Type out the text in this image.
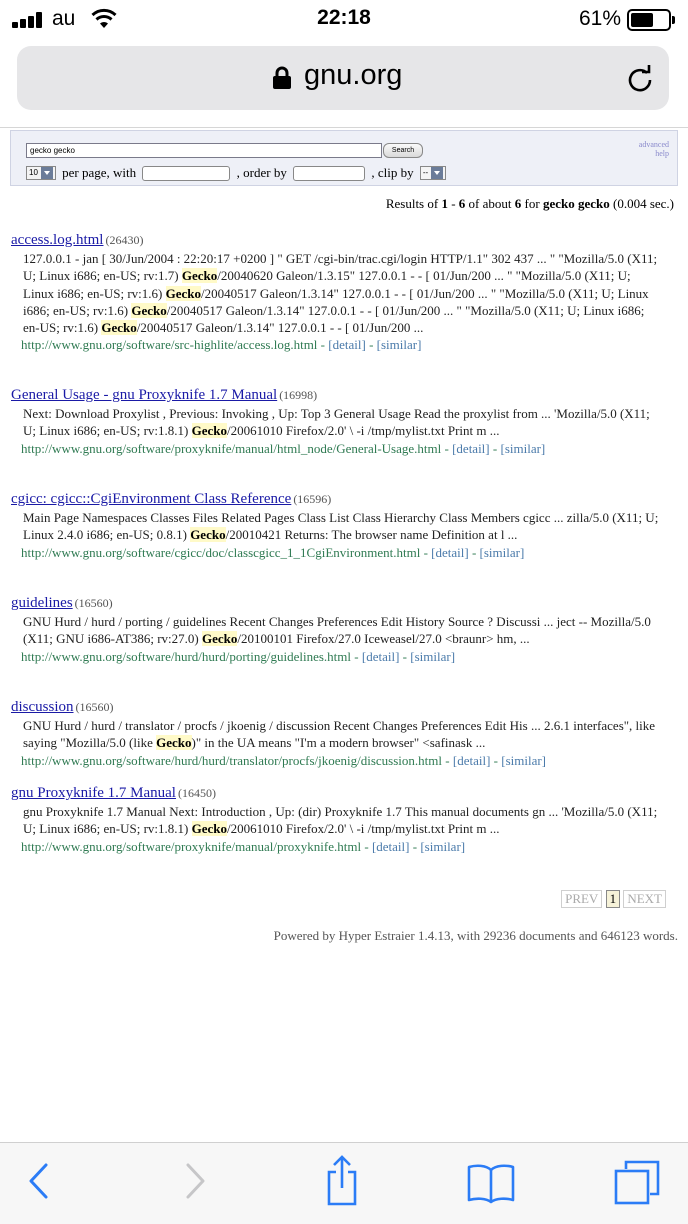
au	22:18	61%
gnu.org
gecko gecko	Search
advanced
help
10 per page, with	, order by	, clip by --
Results of 1 - 6 of about 6 for gecko gecko (0.004 sec.)
access.log.html (26430)
127.0.0.1 - jan [ 30/Jun/2004 : 22:20:17 +0200 ] " GET /cgi-bin/trac.cgi/login HTTP/1.1" 302 437 ... " "Mozilla/5.0 (X11; U; Linux i686; en-US; rv:1.7) Gecko/20040620 Galeon/1.3.15" 127.0.0.1 - - [ 01/Jun/200 ... " "Mozilla/5.0 (X11; U; Linux i686; en-US; rv:1.6) Gecko/20040517 Galeon/1.3.14" 127.0.0.1 - - [ 01/Jun/200 ... " "Mozilla/5.0 (X11; U; Linux i686; en-US; rv:1.6) Gecko/20040517 Galeon/1.3.14" 127.0.0.1 - - [ 01/Jun/200 ... " "Mozilla/5.0 (X11; U; Linux i686; en-US; rv:1.6) Gecko/20040517 Galeon/1.3.14" 127.0.0.1 - - [ 01/Jun/200 ...
http://www.gnu.org/software/src-highlite/access.log.html - [detail] - [similar]
General Usage - gnu Proxyknife 1.7 Manual (16998)
Next: Download Proxylist , Previous: Invoking , Up: Top 3 General Usage Read the proxylist from ... 'Mozilla/5.0 (X11; U; Linux i686; en-US; rv:1.8.1) Gecko/20061010 Firefox/2.0' \ -i /tmp/mylist.txt Print m ...
http://www.gnu.org/software/proxyknife/manual/html_node/General-Usage.html - [detail] - [similar]
cgicc: cgicc::CgiEnvironment Class Reference (16596)
Main Page Namespaces Classes Files Related Pages Class List Class Hierarchy Class Members cgicc ... zilla/5.0 (X11; U; Linux 2.4.0 i686; en-US; 0.8.1) Gecko/20010421 Returns: The browser name Definition at l ...
http://www.gnu.org/software/cgicc/doc/classcgicc_1_1CgiEnvironment.html - [detail] - [similar]
guidelines (16560)
GNU Hurd / hurd / porting / guidelines Recent Changes Preferences Edit History Source ? Discussi ... ject -- Mozilla/5.0 (X11; GNU i686-AT386; rv:27.0) Gecko/20100101 Firefox/27.0 Iceweasel/27.0 <braunr> hm, ...
http://www.gnu.org/software/hurd/hurd/porting/guidelines.html - [detail] - [similar]
discussion (16560)
GNU Hurd / hurd / translator / procfs / jkoenig / discussion Recent Changes Preferences Edit His ... 2.6.1 interfaces", like saying "Mozilla/5.0 (like Gecko)" in the UA means "I'm a modern browser" <safinask ...
http://www.gnu.org/software/hurd/hurd/translator/procfs/jkoenig/discussion.html - [detail] - [similar]
gnu Proxyknife 1.7 Manual (16450)
gnu Proxyknife 1.7 Manual Next: Introduction , Up: (dir) Proxyknife 1.7 This manual documents gn ... 'Mozilla/5.0 (X11; U; Linux i686; en-US; rv:1.8.1) Gecko/20061010 Firefox/2.0' \ -i /tmp/mylist.txt Print m ...
http://www.gnu.org/software/proxyknife/manual/proxyknife.html - [detail] - [similar]
PREV 1 NEXT
Powered by Hyper Estraier 1.4.13, with 29236 documents and 646123 words.
